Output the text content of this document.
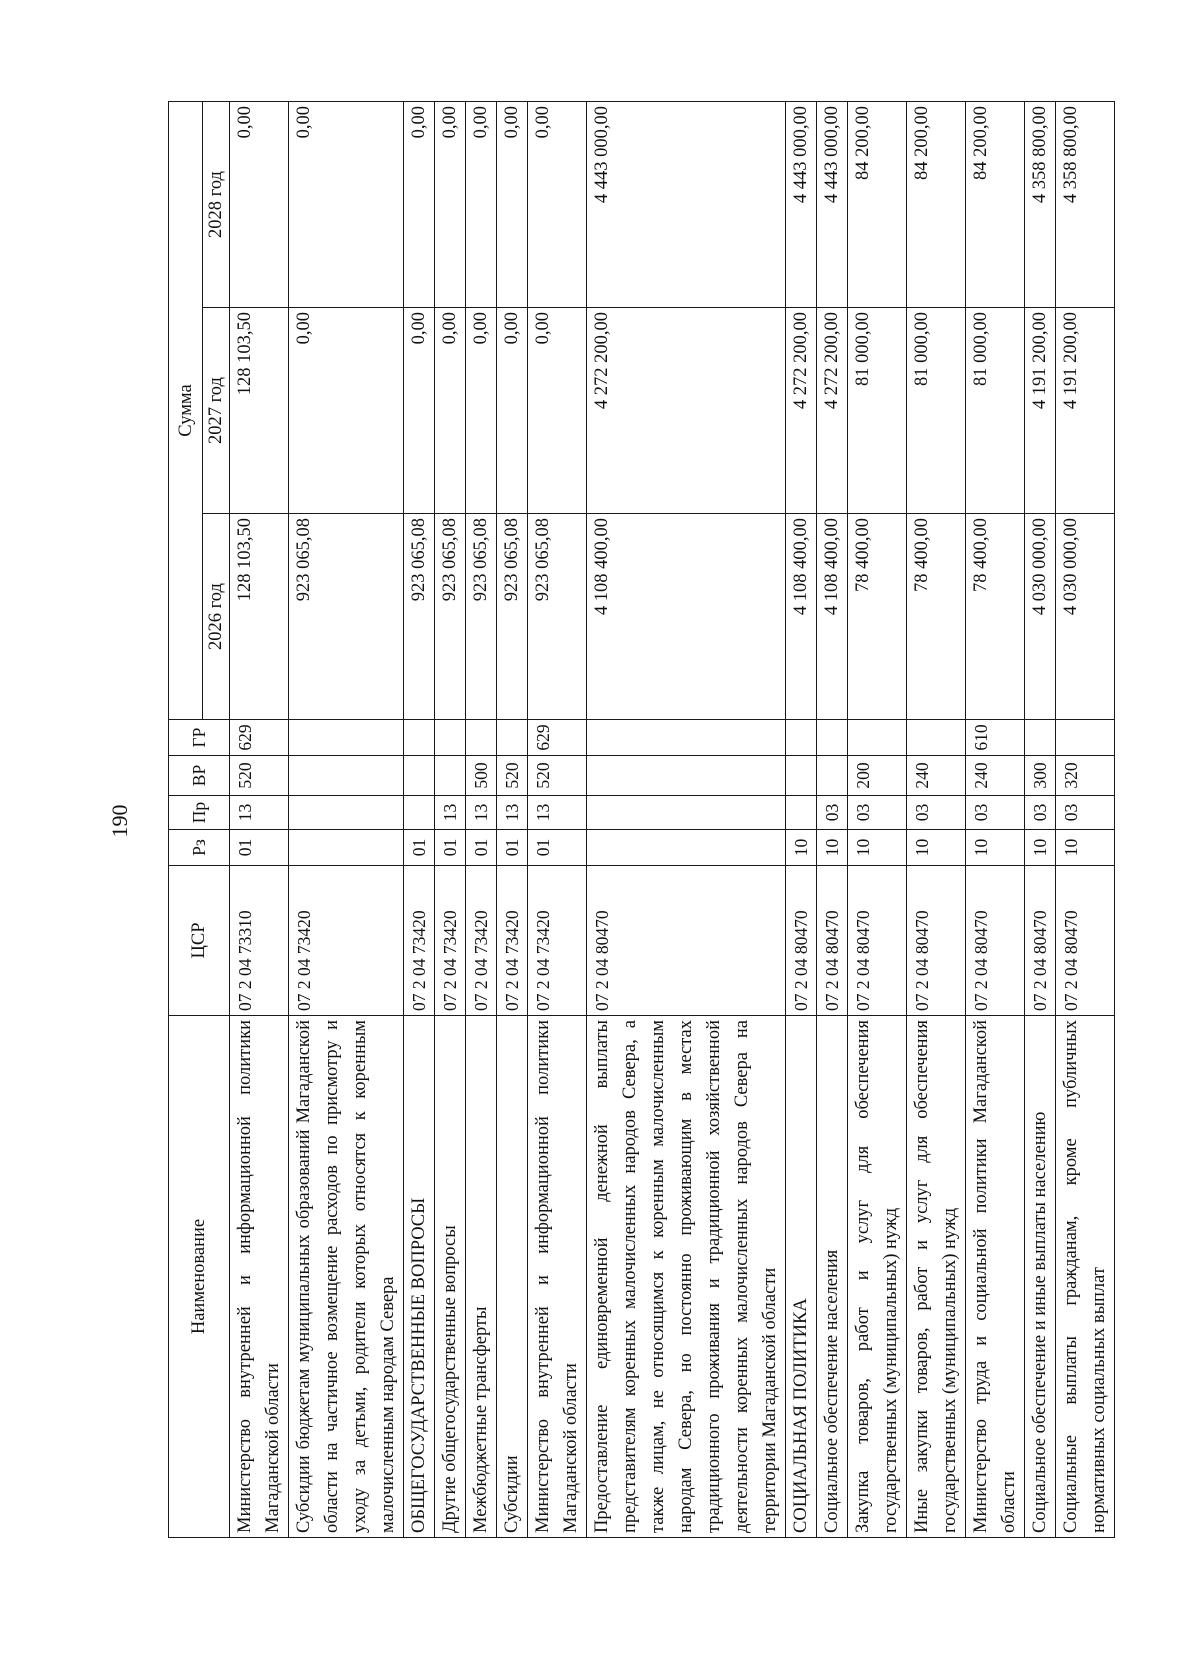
190
Наименование	ЦСР	Рз	Пр	ВР	ГР	Сумма		
						2026 год	2027 год	2028 год
Министерство внутренней и информационной политики Магаданской области	07 2 04 73310	01	13	520	629	128 103,50	128 103,50	0,00
Субсидии бюджетам муниципальных образований Магаданской области на частичное возмещение расходов по присмотру и уходу за детьми, родители которых относятся к коренным малочисленным народам Севера	07 2 04 73420					923 065,08	0,00	0,00
ОБЩЕГОСУДАРСТВЕННЫЕ ВОПРОСЫ	07 2 04 73420	01				923 065,08	0,00	0,00
Другие общегосударственные вопросы	07 2 04 73420	01	13			923 065,08	0,00	0,00
Межбюджетные трансферты	07 2 04 73420	01	13	500		923 065,08	0,00	0,00
Субсидии	07 2 04 73420	01	13	520		923 065,08	0,00	0,00
Министерство внутренней и информационной политики Магаданской области	07 2 04 73420	01	13	520	629	923 065,08	0,00	0,00
Предоставление единовременной денежной выплаты представителям коренных малочисленных народов Севера, а также лицам, не относящимся к коренным малочисленным народам Севера, но постоянно проживающим в местах традиционного проживания и традиционной хозяйственной деятельности коренных малочисленных народов Севера на территории Магаданской области	07 2 04 80470					4 108 400,00	4 272 200,00	4 443 000,00
СОЦИАЛЬНАЯ ПОЛИТИКА	07 2 04 80470	10				4 108 400,00	4 272 200,00	4 443 000,00
Социальное обеспечение населения	07 2 04 80470	10	03			4 108 400,00	4 272 200,00	4 443 000,00
Закупка товаров, работ и услуг для обеспечения государственных (муниципальных) нужд	07 2 04 80470	10	03	200		78 400,00	81 000,00	84 200,00
Иные закупки товаров, работ и услуг для обеспечения государственных (муниципальных) нужд	07 2 04 80470	10	03	240		78 400,00	81 000,00	84 200,00
Министерство труда и социальной политики Магаданской области	07 2 04 80470	10	03	240	610	78 400,00	81 000,00	84 200,00
Социальное обеспечение и иные выплаты населению	07 2 04 80470	10	03	300		4 030 000,00	4 191 200,00	4 358 800,00
Социальные выплаты гражданам, кроме публичных нормативных социальных выплат	07 2 04 80470	10	03	320		4 030 000,00	4 191 200,00	4 358 800,00
